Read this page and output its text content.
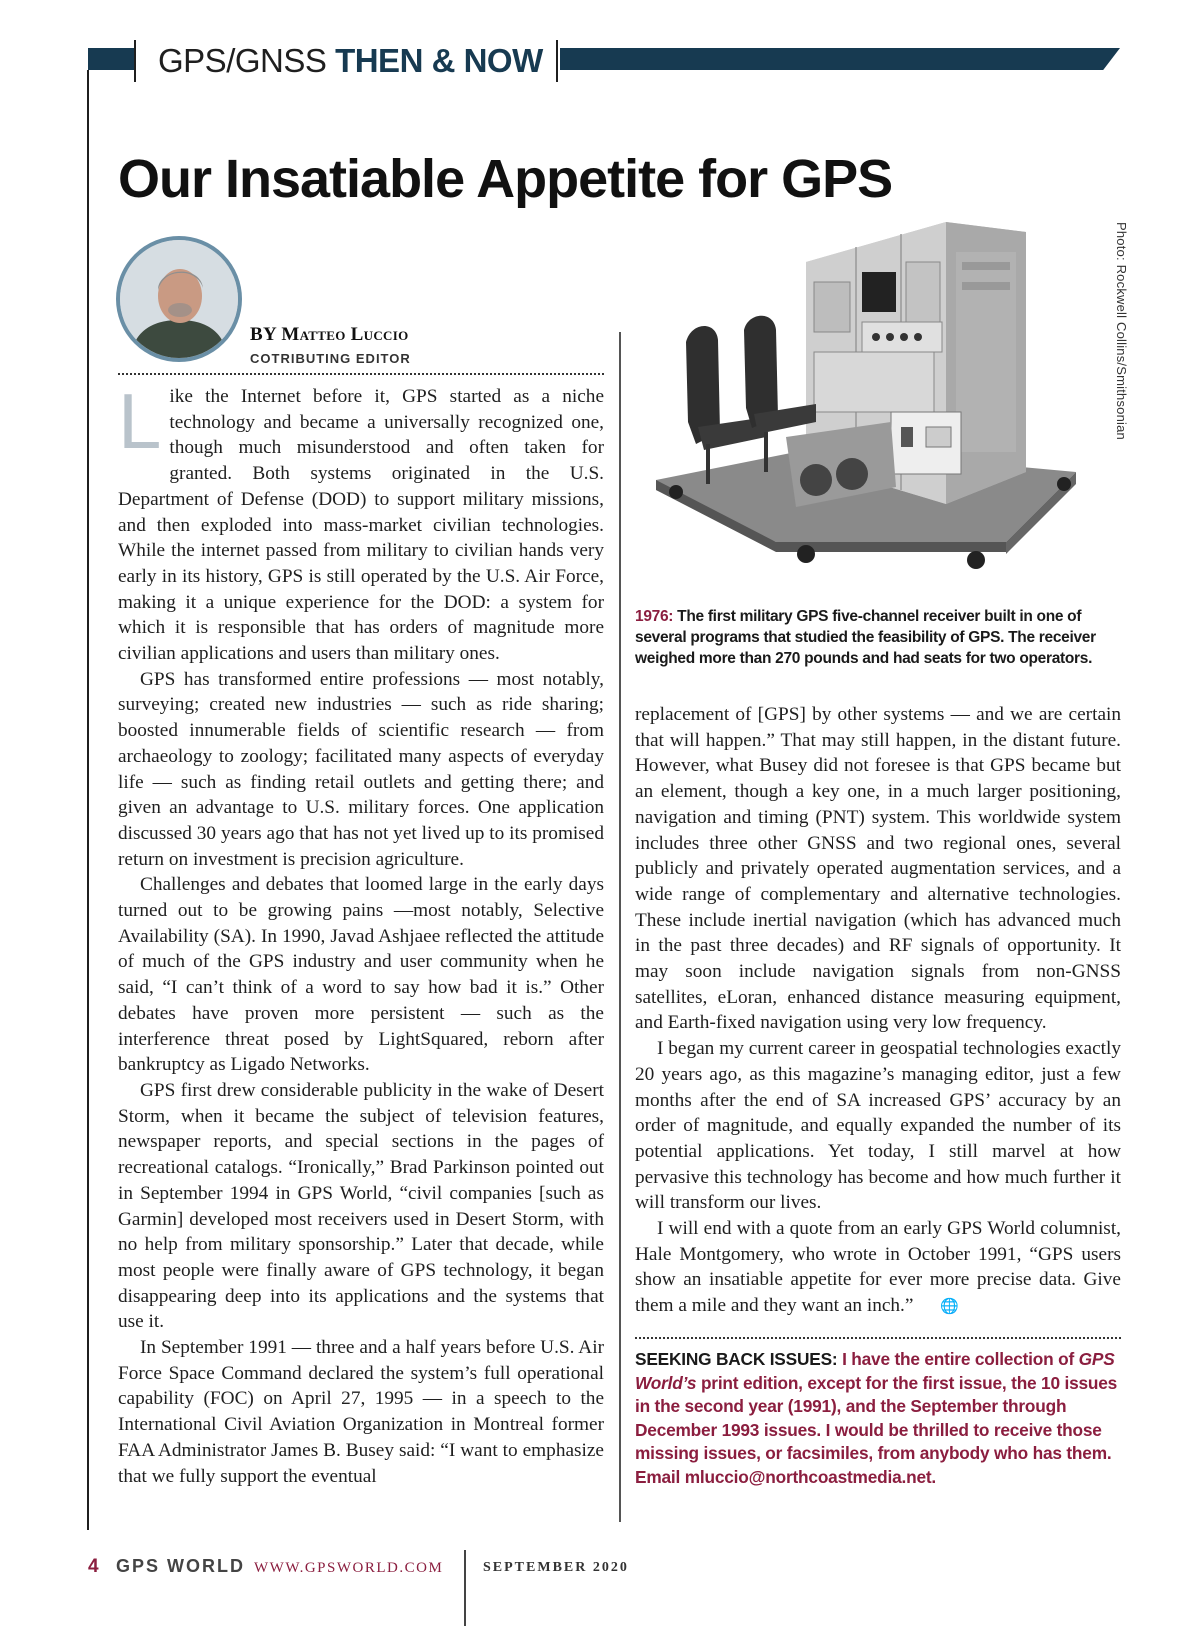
GPS/GNSS THEN & NOW
Our Insatiable Appetite for GPS
BY Matteo Luccio
COTRIBUTING EDITOR

Like the Internet before it, GPS started as a niche technology and became a universally recognized one, though much misunderstood and often taken for granted. Both systems originated in the U.S. Department of Defense (DOD) to support military missions, and then exploded into mass-market civilian technologies. While the internet passed from military to civilian hands very early in its history, GPS is still operated by the U.S. Air Force, making it a unique experience for the DOD: a system for which it is responsible that has orders of magnitude more civilian applications and users than military ones.

GPS has transformed entire professions — most notably, surveying; created new industries — such as ride sharing; boosted innumerable fields of scientific research — from archaeology to zoology; facilitated many aspects of everyday life — such as finding retail outlets and getting there; and given an advantage to U.S. military forces. One application discussed 30 years ago that has not yet lived up to its promised return on investment is precision agriculture.

Challenges and debates that loomed large in the early days turned out to be growing pains —most notably, Selective Availability (SA). In 1990, Javad Ashjaee reflected the attitude of much of the GPS industry and user community when he said, “I can’t think of a word to say how bad it is.” Other debates have proven more persistent — such as the interference threat posed by LightSquared, reborn after bankruptcy as Ligado Networks.

GPS first drew considerable publicity in the wake of Desert Storm, when it became the subject of television features, newspaper reports, and special sections in the pages of recreational catalogs. “Ironically,” Brad Parkinson pointed out in September 1994 in GPS World, “civil companies [such as Garmin] developed most receivers used in Desert Storm, with no help from military sponsorship.” Later that decade, while most people were finally aware of GPS technology, it began disappearing deep into its applications and the systems that use it.

In September 1991 — three and a half years before U.S. Air Force Space Command declared the system’s full operational capability (FOC) on April 27, 1995 — in a speech to the International Civil Aviation Organization in Montreal former FAA Administrator James B. Busey said: “I want to emphasize that we fully support the eventual

Photo: Rockwell Collins/Smithsonian
1976: The first military GPS five-channel receiver built in one of several programs that studied the feasibility of GPS. The receiver weighed more than 270 pounds and had seats for two operators.

replacement of [GPS] by other systems — and we are certain that will happen.” That may still happen, in the distant future. However, what Busey did not foresee is that GPS became but an element, though a key one, in a much larger positioning, navigation and timing (PNT) system. This worldwide system includes three other GNSS and two regional ones, several publicly and privately operated augmentation services, and a wide range of complementary and alternative technologies. These include inertial navigation (which has advanced much in the past three decades) and RF signals of opportunity. It may soon include navigation signals from non-GNSS satellites, eLoran, enhanced distance measuring equipment, and Earth-fixed navigation using very low frequency.

I began my current career in geospatial technologies exactly 20 years ago, as this magazine’s managing editor, just a few months after the end of SA increased GPS’ accuracy by an order of magnitude, and equally expanded the number of its potential applications. Yet today, I still marvel at how pervasive this technology has become and how much further it will transform our lives.

I will end with a quote from an early GPS World columnist, Hale Montgomery, who wrote in October 1991, “GPS users show an insatiable appetite for ever more precise data. Give them a mile and they want an inch.” 🌐

SEEKING BACK ISSUES: I have the entire collection of GPS World’s print edition, except for the first issue, the 10 issues in the second year (1991), and the September through December 1993 issues. I would be thrilled to receive those missing issues, or facsimiles, from anybody who has them. Email mluccio@northcoastmedia.net.
4 GPS WORLD WWW.GPSWORLD.COM	SEPTEMBER 2020
